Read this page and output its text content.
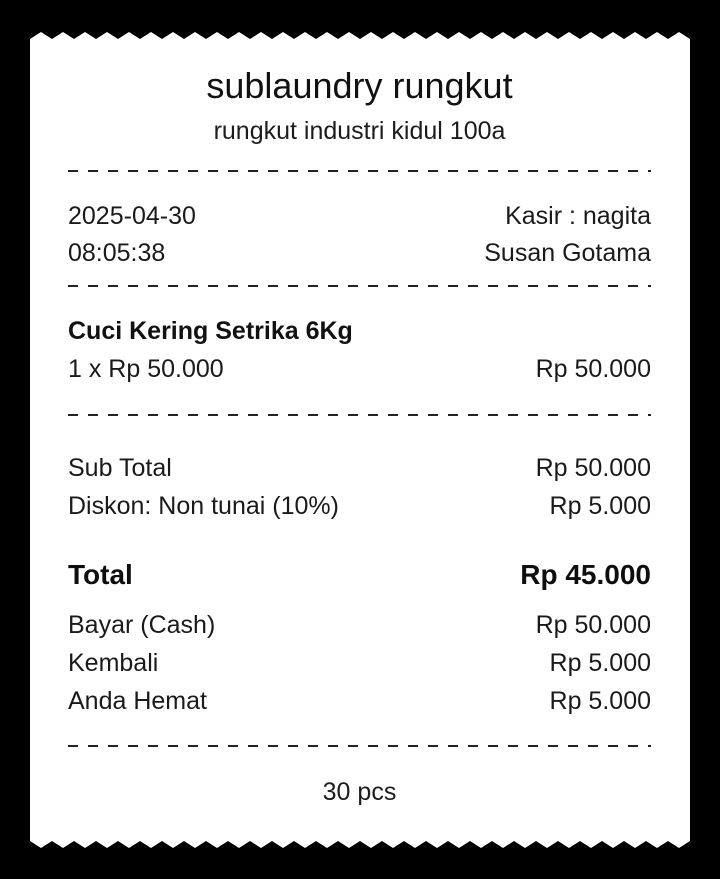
sublaundry rungkut
rungkut industri kidul 100a
2025-04-30	Kasir : nagita
08:05:38	Susan Gotama
Cuci Kering Setrika 6Kg
1 x Rp 50.000	Rp 50.000
Sub Total	Rp 50.000
Diskon: Non tunai (10%)	Rp 5.000
Total	Rp 45.000
Bayar (Cash)	Rp 50.000
Kembali	Rp 5.000
Anda Hemat	Rp 5.000
30 pcs
